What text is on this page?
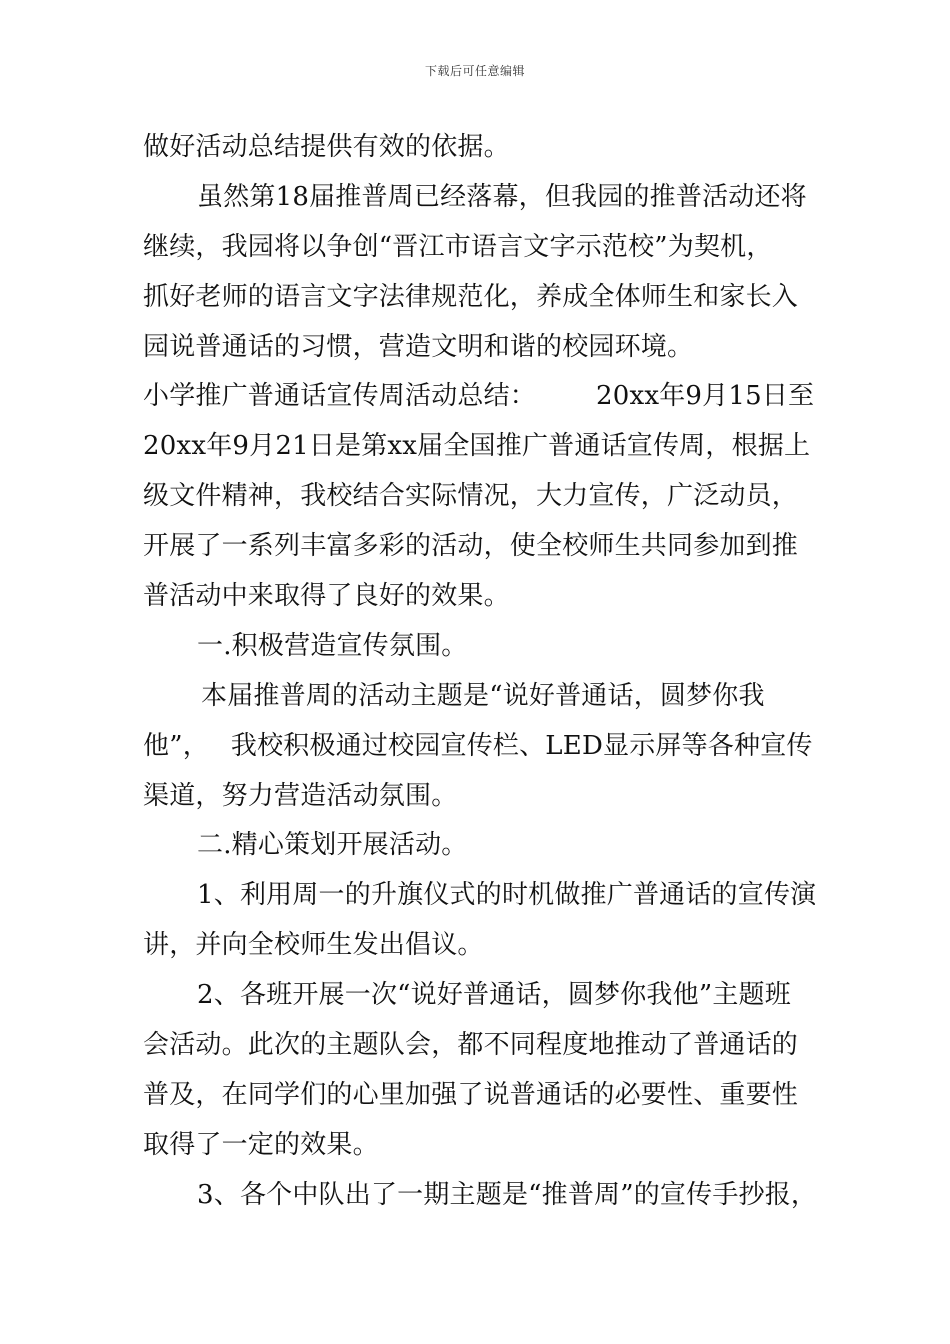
下载后可任意编辑
做好活动总结提供有效的依据。
虽然第18届推普周已经落幕，但我园的推普活动还将
继续，我园将以争创“晋江市语言文字示范校”为契机，
抓好老师的语言文字法律规范化，养成全体师生和家长入
园说普通话的习惯，营造文明和谐的校园环境。
小学推广普通话宣传周活动总结： 20xx年9月15日至
20xx年9月21日是第xx届全国推广普通话宣传周，根据上
级文件精神，我校结合实际情况，大力宣传，广泛动员，
开展了一系列丰富多彩的活动，使全校师生共同参加到推
普活动中来取得了良好的效果。
一.积极营造宣传氛围。
本届推普周的活动主题是“说好普通话，圆梦你我
他”， 我校积极通过校园宣传栏、LED显示屏等各种宣传
渠道，努力营造活动氛围。
二.精心策划开展活动。
1、利用周一的升旗仪式的时机做推广普通话的宣传演
讲，并向全校师生发出倡议。
2、各班开展一次“说好普通话，圆梦你我他”主题班
会活动。此次的主题队会，都不同程度地推动了普通话的
普及，在同学们的心里加强了说普通话的必要性、重要性
取得了一定的效果。
3、各个中队出了一期主题是“推普周”的宣传手抄报，
